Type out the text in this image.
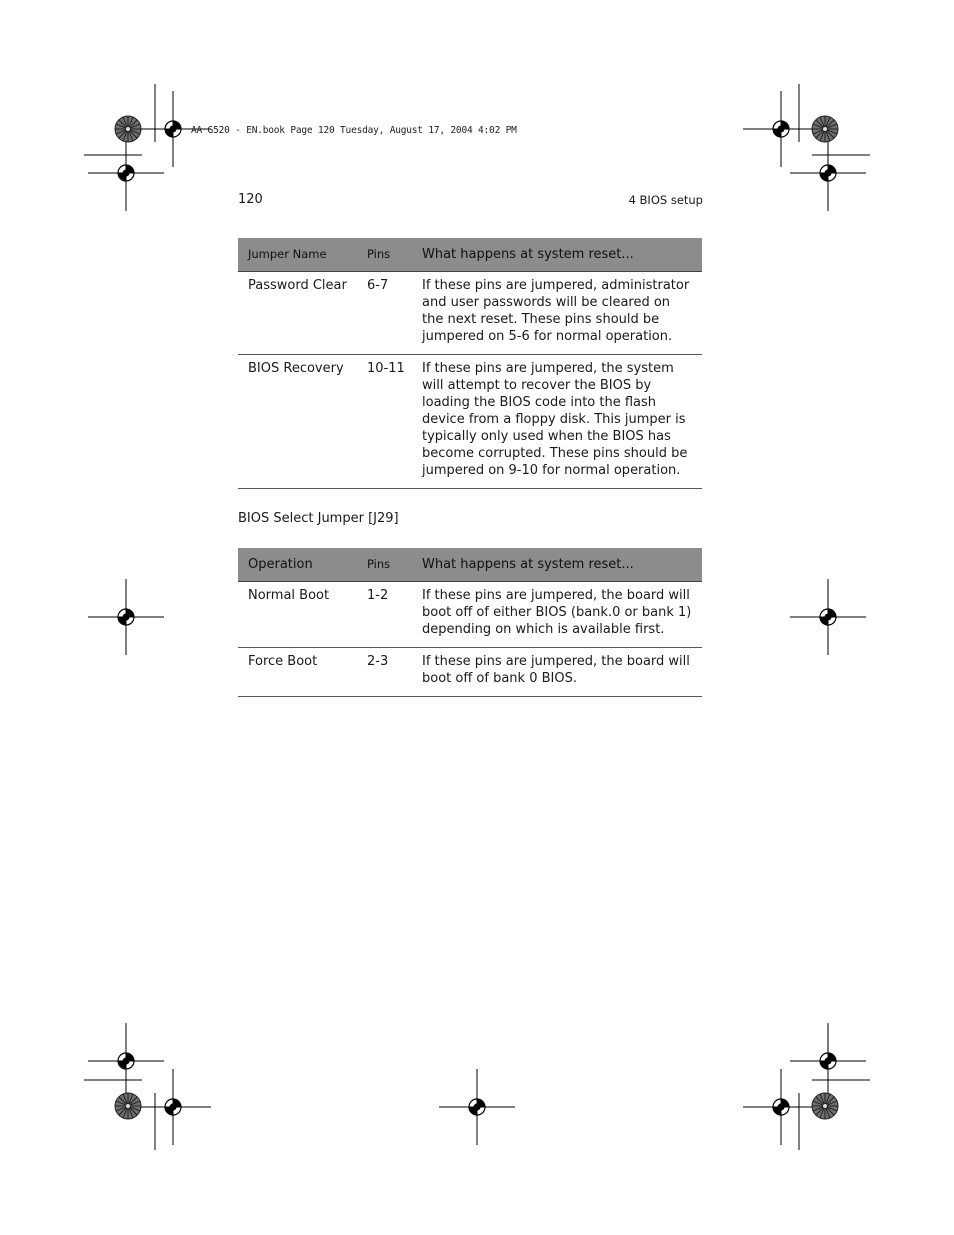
AA G520 - EN.book Page 120 Tuesday, August 17, 2004 4:02 PM
120	4 BIOS setup
Jumper Name	Pins	What happens at system reset...
Password Clear	6-7	If these pins are jumpered, administrator and user passwords will be cleared on the next reset. These pins should be jumpered on 5-6 for normal operation.
BIOS Recovery	10-11	If these pins are jumpered, the system will attempt to recover the BIOS by loading the BIOS code into the flash device from a floppy disk. This jumper is typically only used when the BIOS has become corrupted. These pins should be jumpered on 9-10 for normal operation.
BIOS Select Jumper [J29]
Operation	Pins	What happens at system reset...
Normal Boot	1-2	If these pins are jumpered, the board will boot off of either BIOS (bank.0 or bank 1) depending on which is available first.
Force Boot	2-3	If these pins are jumpered, the board will boot off of bank 0 BIOS.
